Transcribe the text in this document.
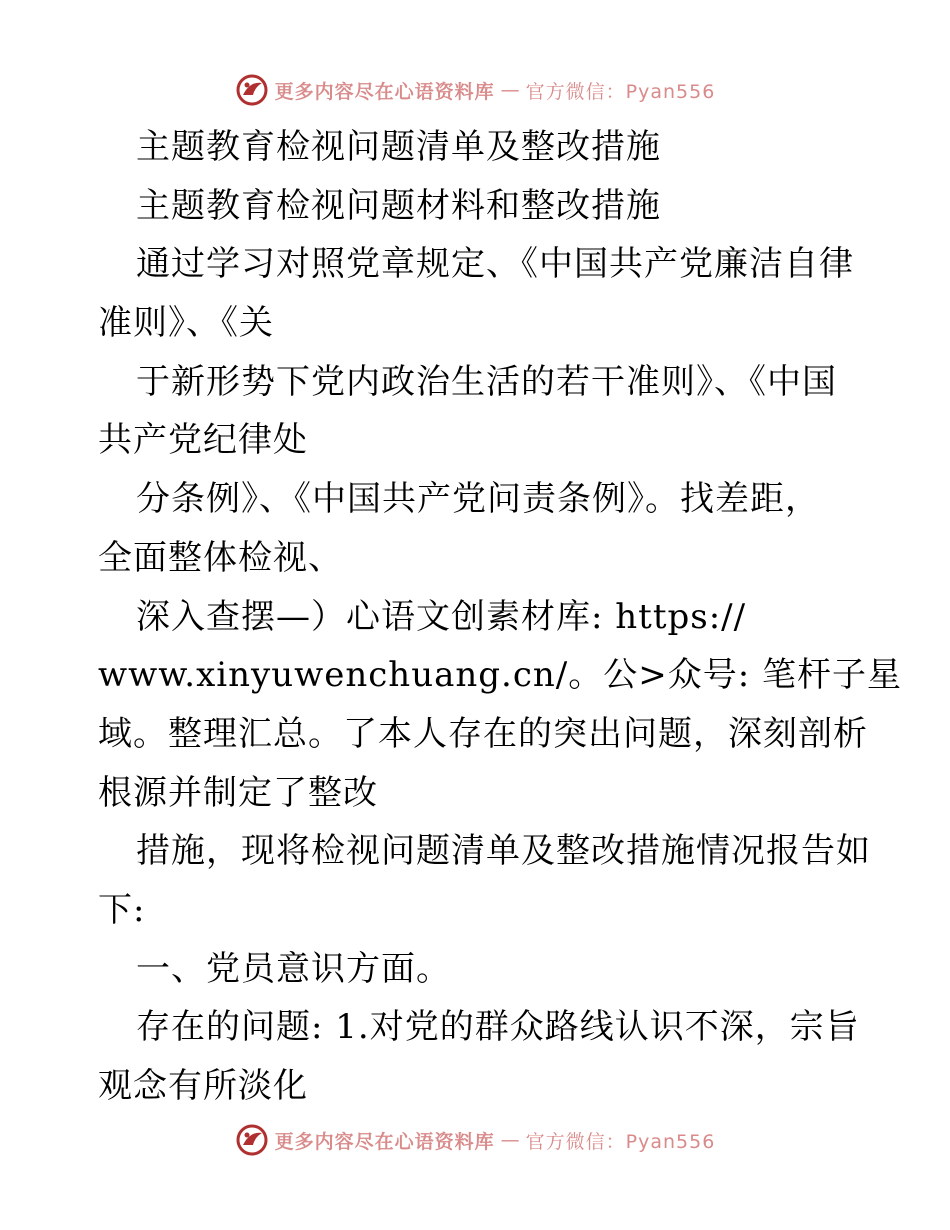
更多内容尽在心语资料库 — 官方微信：Pyan556
主题教育检视问题清单及整改措施
主题教育检视问题材料和整改措施
通过学习对照党章规定、《中国共产党廉洁自律
准则》、《关
于新形势下党内政治生活的若干准则》、《中国
共产党纪律处
分条例》、《中国共产党问责条例》。找差距，
全面整体检视、
深入查摆—）心语文创素材库: https://
www.xinyuwenchuang.cn/。公>众号: 笔杆子星
域。整理汇总。了本人存在的突出问题，深刻剖析
根源并制定了整改
措施，现将检视问题清单及整改措施情况报告如
下:
一、党员意识方面。
存在的问题: 1.对党的群众路线认识不深，宗旨
观念有所淡化
更多内容尽在心语资料库 — 官方微信：Pyan556
